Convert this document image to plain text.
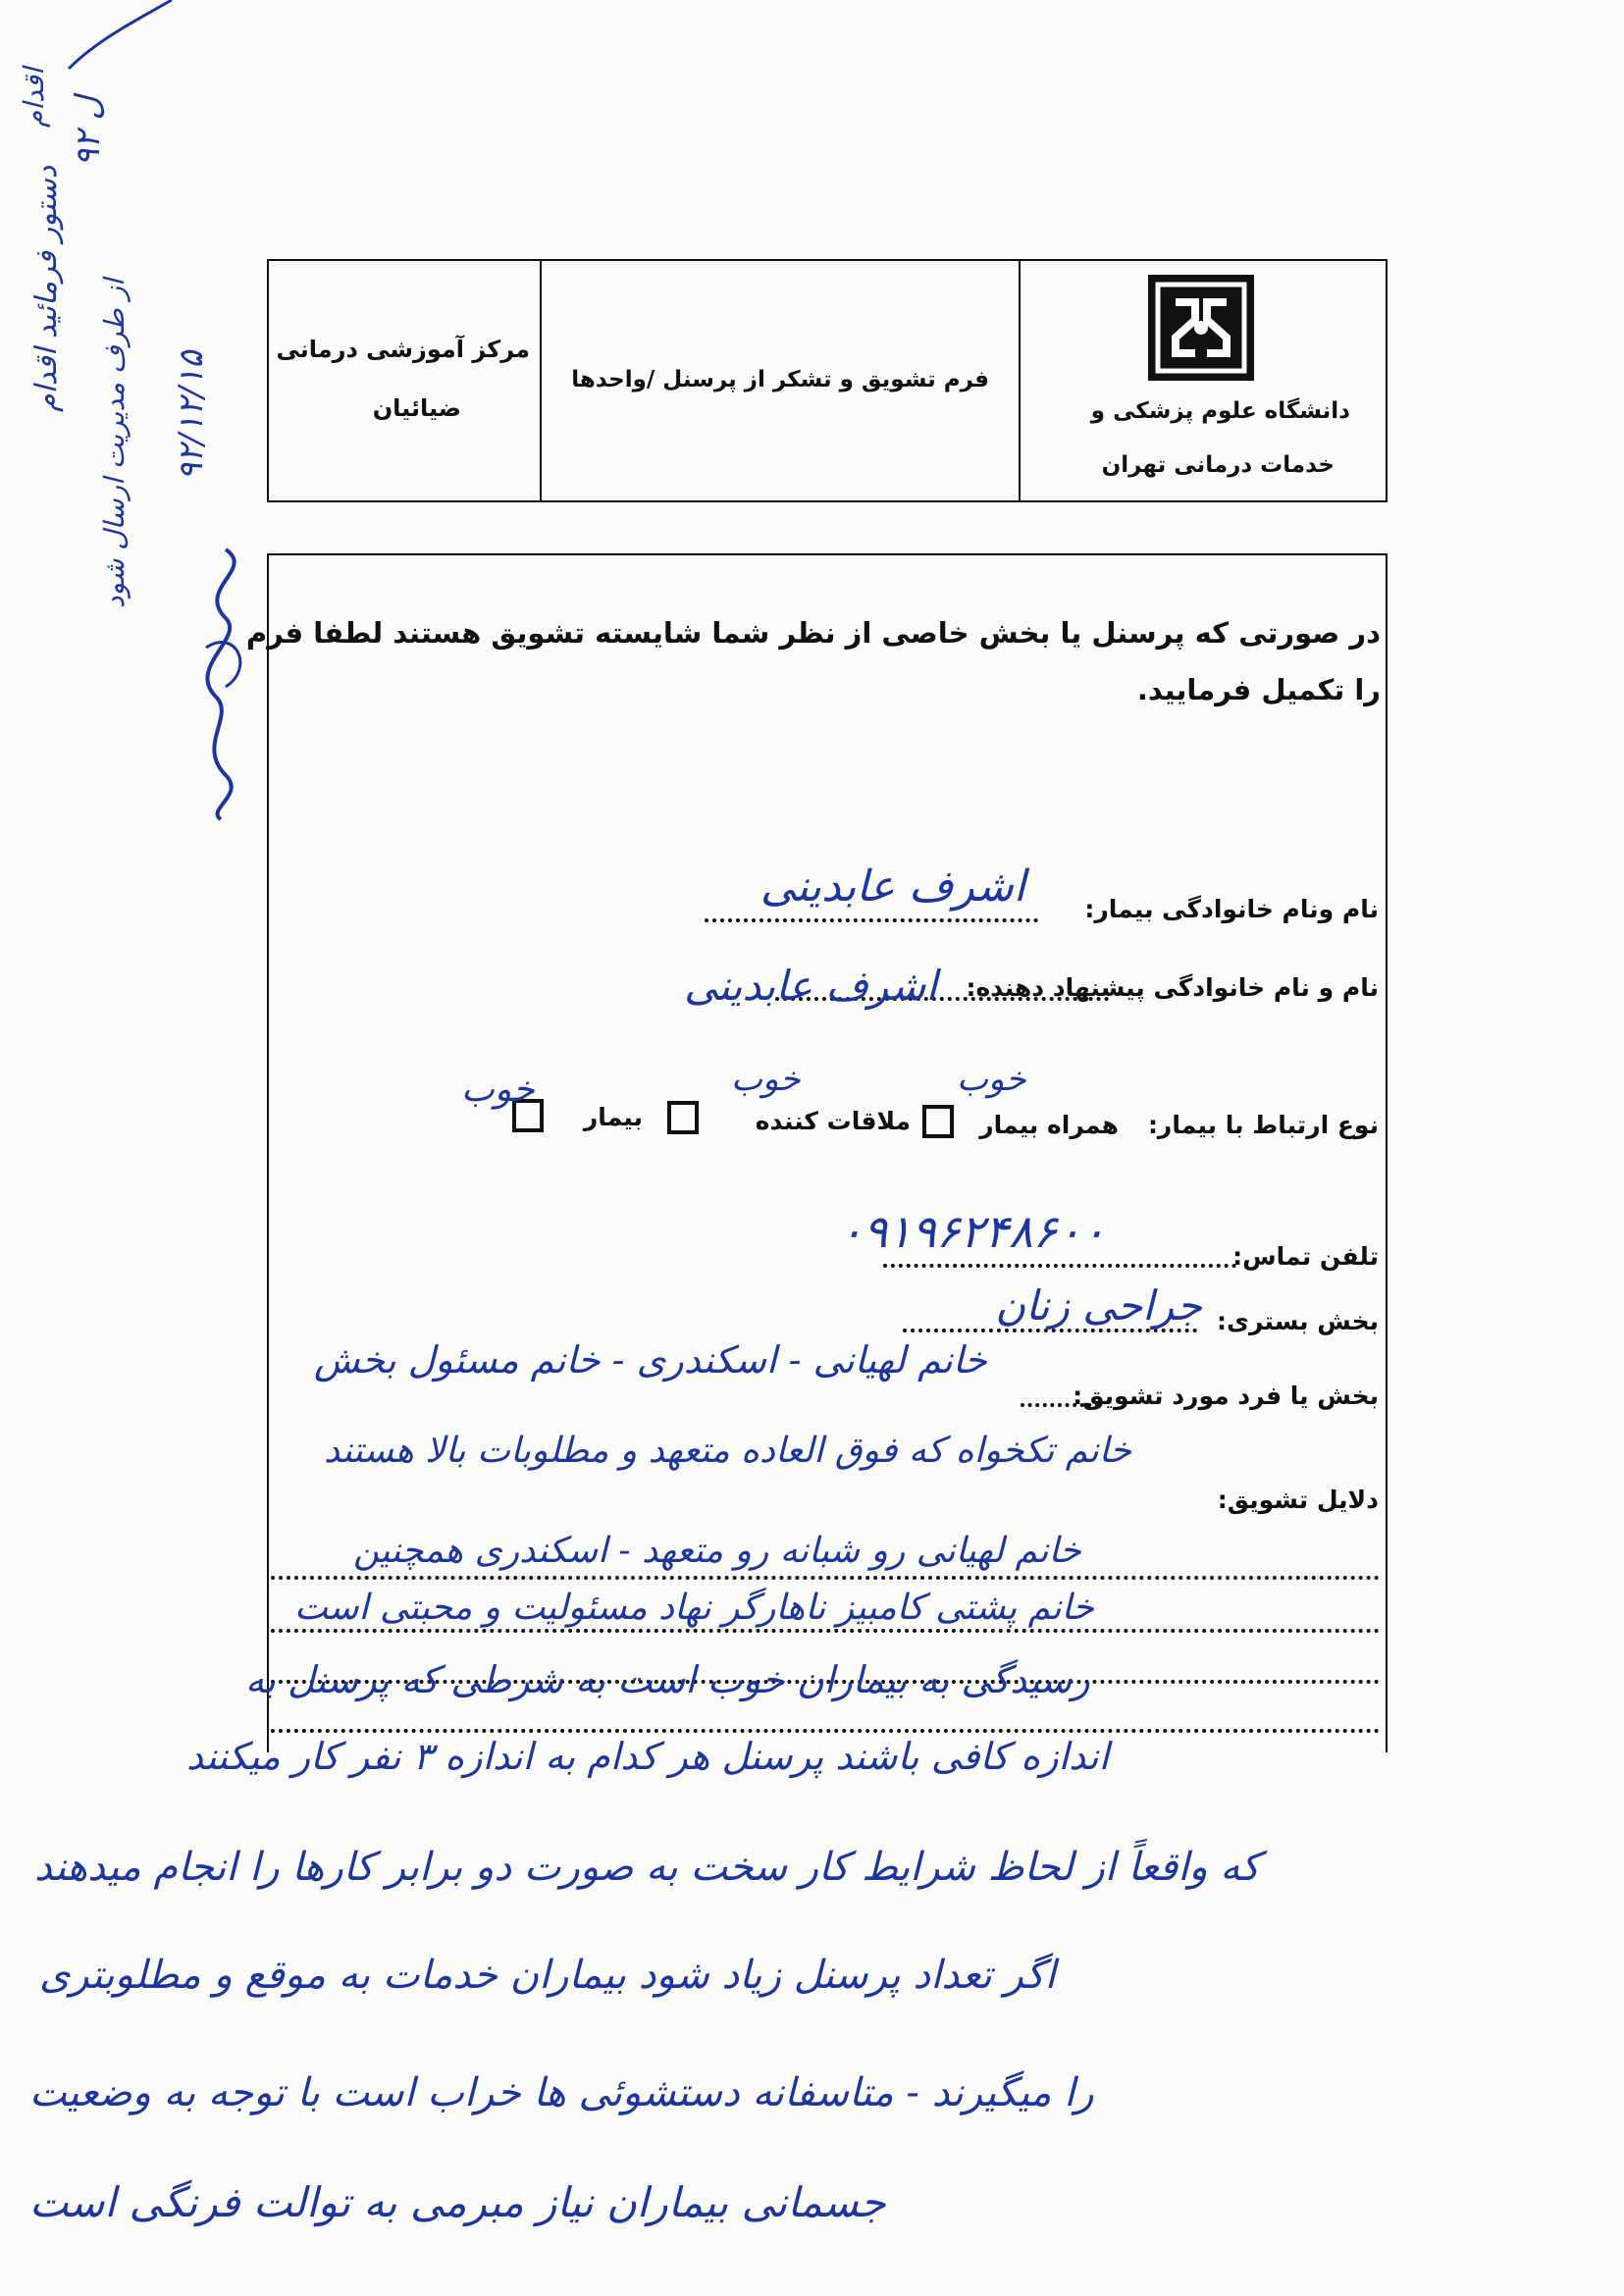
اقدام
ل ۹۲
دستور فرمائید اقدام از طرف مدیریت ارسال شود ۹۲/۱۲/۱۵
مرکز آموزشی درمانی
ضیائیان
فرم تشویق و تشکر از پرسنل /واحدها
دانشگاه علوم پزشکی و
خدمات درمانی تهران
در صورتی که پرسنل یا بخش خاصی از نظر شما شایسته تشویق هستند لطفا فرم
را تکمیل فرمایید.
نام ونام خانوادگی بیمار:
اشرف عابدینی
نام و نام خانوادگی پیشنهاد دهنده:
اشرف عابدینی
نوع ارتباط با بیمار:
همراه بیمار
ملاقات کننده
بیمار
خوب
خوب
خوب
تلفن تماس:
۰۹۱۹۶۲۴۸۶۰۰
بخش بستری:
جراحی زنان
بخش یا فرد مورد تشویق:
خانم لهیانی - اسکندری - خانم مسئول بخش
خانم تکخواه که فوق العاده متعهد و مطلوبات بالا هستند
دلایل تشویق:
خانم لهیانی رو شبانه رو متعهد - اسکندری همچنین
خانم پشتی کامبیز ناهارگر نهاد مسئولیت و محبتی است
رسیدگی به بیماران خوب است به شرطی که پرسنل به
اندازه کافی باشند پرسنل هر کدام به اندازه ۳ نفر کار میکنند
که واقعاً از لحاظ شرایط کار سخت به صورت دو برابر کارها را انجام میدهند
اگر تعداد پرسنل زیاد شود بیماران خدمات به موقع و مطلوبتری
را میگیرند - متاسفانه دستشوئی ها خراب است با توجه به وضعیت
جسمانی بیماران نیاز مبرمی به توالت فرنگی است
